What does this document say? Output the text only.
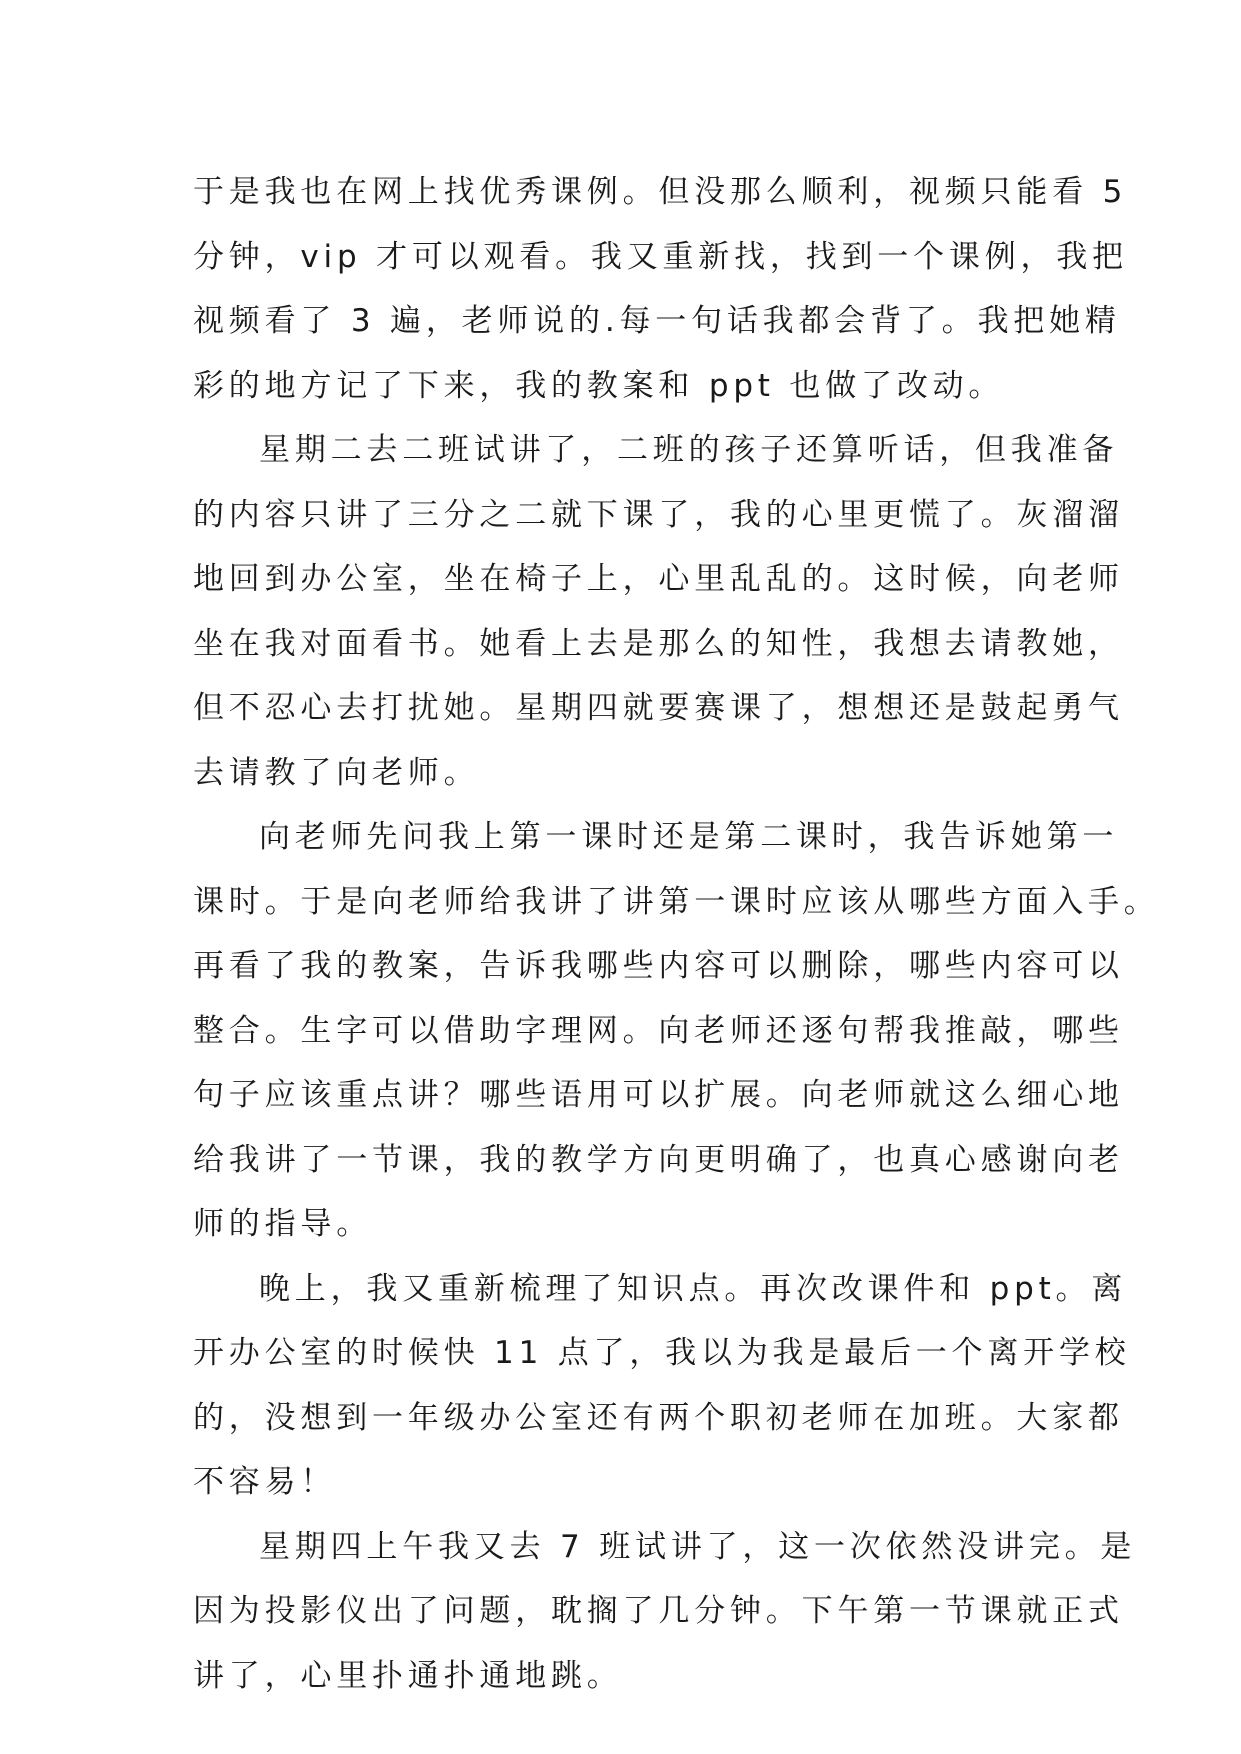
于是我也在网上找优秀课例。但没那么顺利，视频只能看 5
分钟，vip 才可以观看。我又重新找，找到一个课例，我把
视频看了 3 遍，老师说的.每一句话我都会背了。我把她精
彩的地方记了下来，我的教案和 ppt 也做了改动。
星期二去二班试讲了，二班的孩子还算听话，但我准备
的内容只讲了三分之二就下课了，我的心里更慌了。灰溜溜
地回到办公室，坐在椅子上，心里乱乱的。这时候，向老师
坐在我对面看书。她看上去是那么的知性，我想去请教她，
但不忍心去打扰她。星期四就要赛课了，想想还是鼓起勇气
去请教了向老师。
向老师先问我上第一课时还是第二课时，我告诉她第一
课时。于是向老师给我讲了讲第一课时应该从哪些方面入手。
再看了我的教案，告诉我哪些内容可以删除，哪些内容可以
整合。生字可以借助字理网。向老师还逐句帮我推敲，哪些
句子应该重点讲？哪些语用可以扩展。向老师就这么细心地
给我讲了一节课，我的教学方向更明确了，也真心感谢向老
师的指导。
晚上，我又重新梳理了知识点。再次改课件和 ppt。离
开办公室的时候快 11 点了，我以为我是最后一个离开学校
的，没想到一年级办公室还有两个职初老师在加班。大家都
不容易！
星期四上午我又去 7 班试讲了，这一次依然没讲完。是
因为投影仪出了问题，耽搁了几分钟。下午第一节课就正式
讲了，心里扑通扑通地跳。
